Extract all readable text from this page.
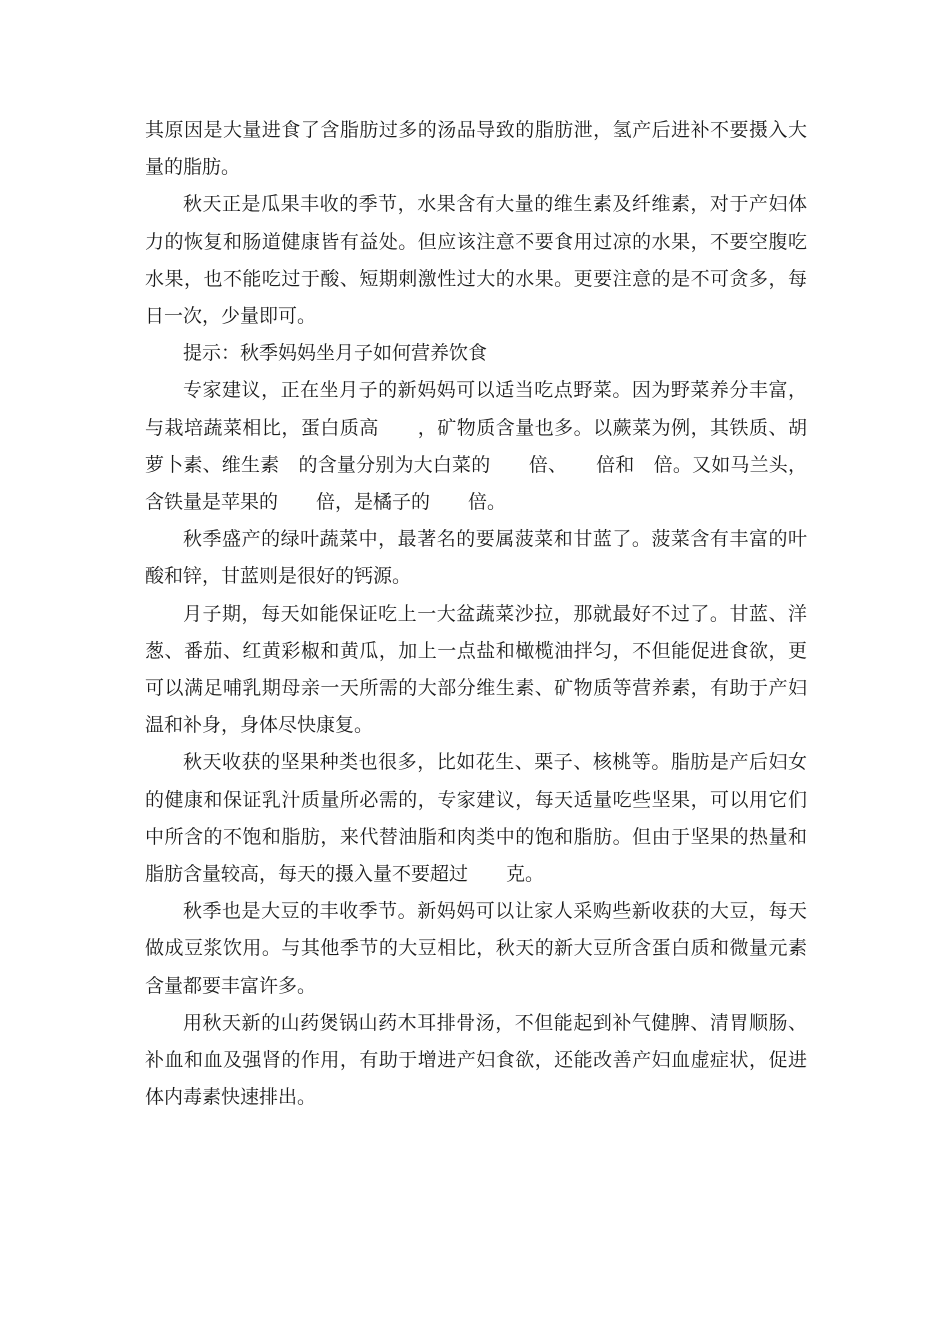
其原因是大量进食了含脂肪过多的汤品导致的脂肪泄，氢产后进补不要摄入大量的脂肪。

秋天正是瓜果丰收的季节，水果含有大量的维生素及纤维素，对于产妇体力的恢复和肠道健康皆有益处。但应该注意不要食用过凉的水果，不要空腹吃水果，也不能吃过于酸、短期刺激性过大的水果。更要注意的是不可贪多，每日一次，少量即可。

提示：秋季妈妈坐月子如何营养饮食

专家建议，正在坐月子的新妈妈可以适当吃点野菜。因为野菜养分丰富，与栽培蔬菜相比，蛋白质高　　，矿物质含量也多。以蕨菜为例，其铁质、胡萝卜素、维生素　的含量分别为大白菜的　　倍、　　倍和　倍。又如马兰头，含铁量是苹果的　　倍，是橘子的　　倍。

秋季盛产的绿叶蔬菜中，最著名的要属菠菜和甘蓝了。菠菜含有丰富的叶酸和锌，甘蓝则是很好的钙源。

月子期，每天如能保证吃上一大盆蔬菜沙拉，那就最好不过了。甘蓝、洋葱、番茄、红黄彩椒和黄瓜，加上一点盐和橄榄油拌匀，不但能促进食欲，更可以满足哺乳期母亲一天所需的大部分维生素、矿物质等营养素，有助于产妇温和补身，身体尽快康复。

秋天收获的坚果种类也很多，比如花生、栗子、核桃等。脂肪是产后妇女的健康和保证乳汁质量所必需的，专家建议，每天适量吃些坚果，可以用它们中所含的不饱和脂肪，来代替油脂和肉类中的饱和脂肪。但由于坚果的热量和脂肪含量较高，每天的摄入量不要超过　　克。

秋季也是大豆的丰收季节。新妈妈可以让家人采购些新收获的大豆，每天做成豆浆饮用。与其他季节的大豆相比，秋天的新大豆所含蛋白质和微量元素含量都要丰富许多。

用秋天新的山药煲锅山药木耳排骨汤，不但能起到补气健脾、清胃顺肠、补血和血及强肾的作用，有助于增进产妇食欲，还能改善产妇血虚症状，促进体内毒素快速排出。
